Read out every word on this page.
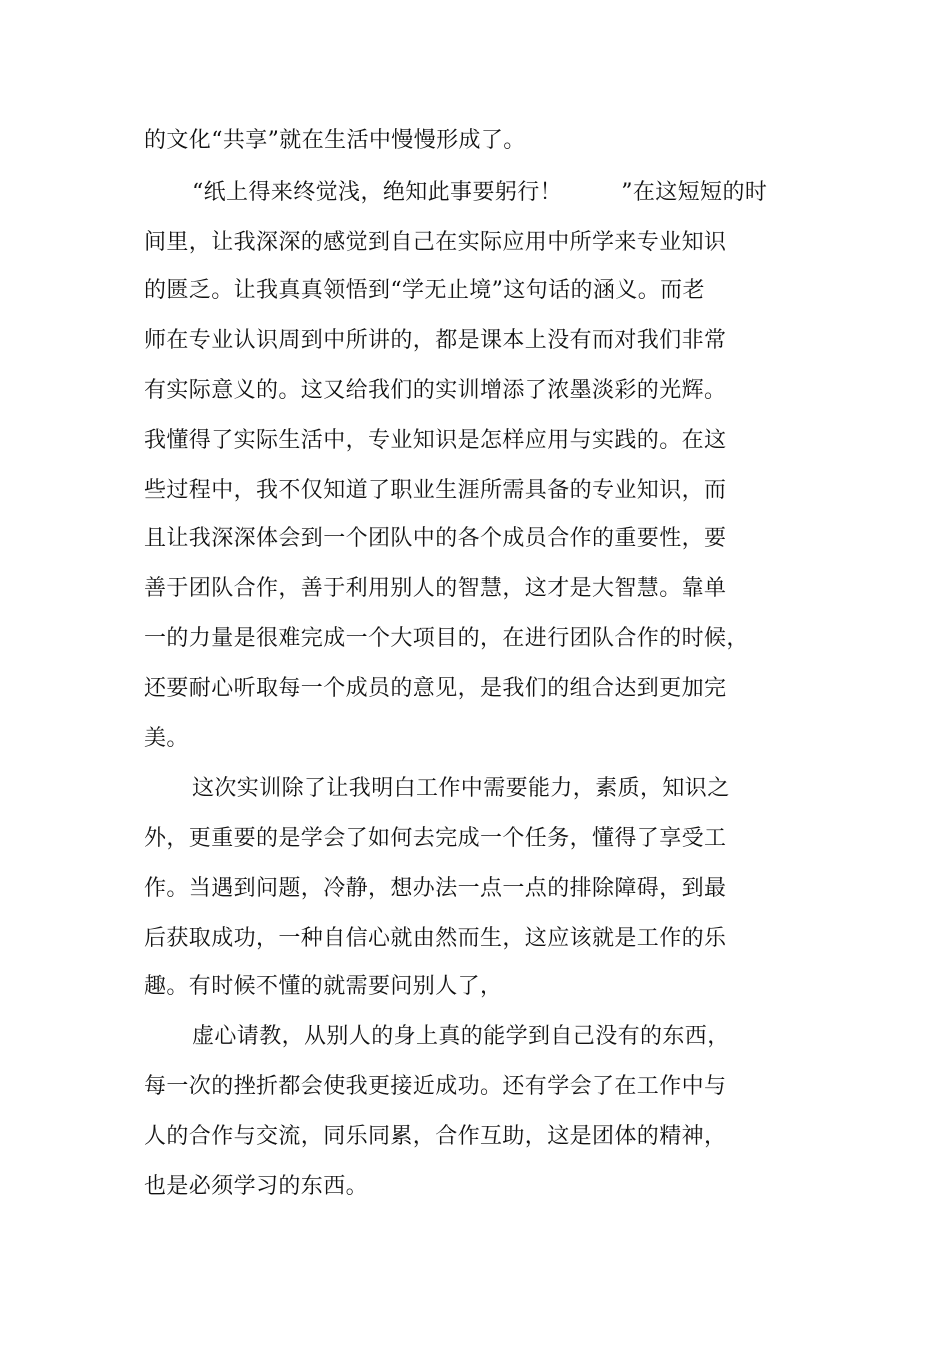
的文化“共享”就在生活中慢慢形成了。
“纸上得来终觉浅，绝知此事要躬行！        ”在这短短的时
间里，让我深深的感觉到自己在实际应用中所学来专业知识
的匮乏。让我真真领悟到“学无止境”这句话的涵义。而老
师在专业认识周到中所讲的，都是课本上没有而对我们非常
有实际意义的。这又给我们的实训增添了浓墨淡彩的光辉。
我懂得了实际生活中，专业知识是怎样应用与实践的。在这
些过程中，我不仅知道了职业生涯所需具备的专业知识，而
且让我深深体会到一个团队中的各个成员合作的重要性，要
善于团队合作，善于利用别人的智慧，这才是大智慧。靠单
一的力量是很难完成一个大项目的，在进行团队合作的时候，
还要耐心听取每一个成员的意见，是我们的组合达到更加完
美。
这次实训除了让我明白工作中需要能力，素质，知识之
外，更重要的是学会了如何去完成一个任务，懂得了享受工
作。当遇到问题，冷静，想办法一点一点的排除障碍，到最
后获取成功，一种自信心就由然而生，这应该就是工作的乐
趣。有时候不懂的就需要问别人了，
虚心请教，从别人的身上真的能学到自己没有的东西，
每一次的挫折都会使我更接近成功。还有学会了在工作中与
人的合作与交流，同乐同累，合作互助，这是团体的精神，
也是必须学习的东西。
